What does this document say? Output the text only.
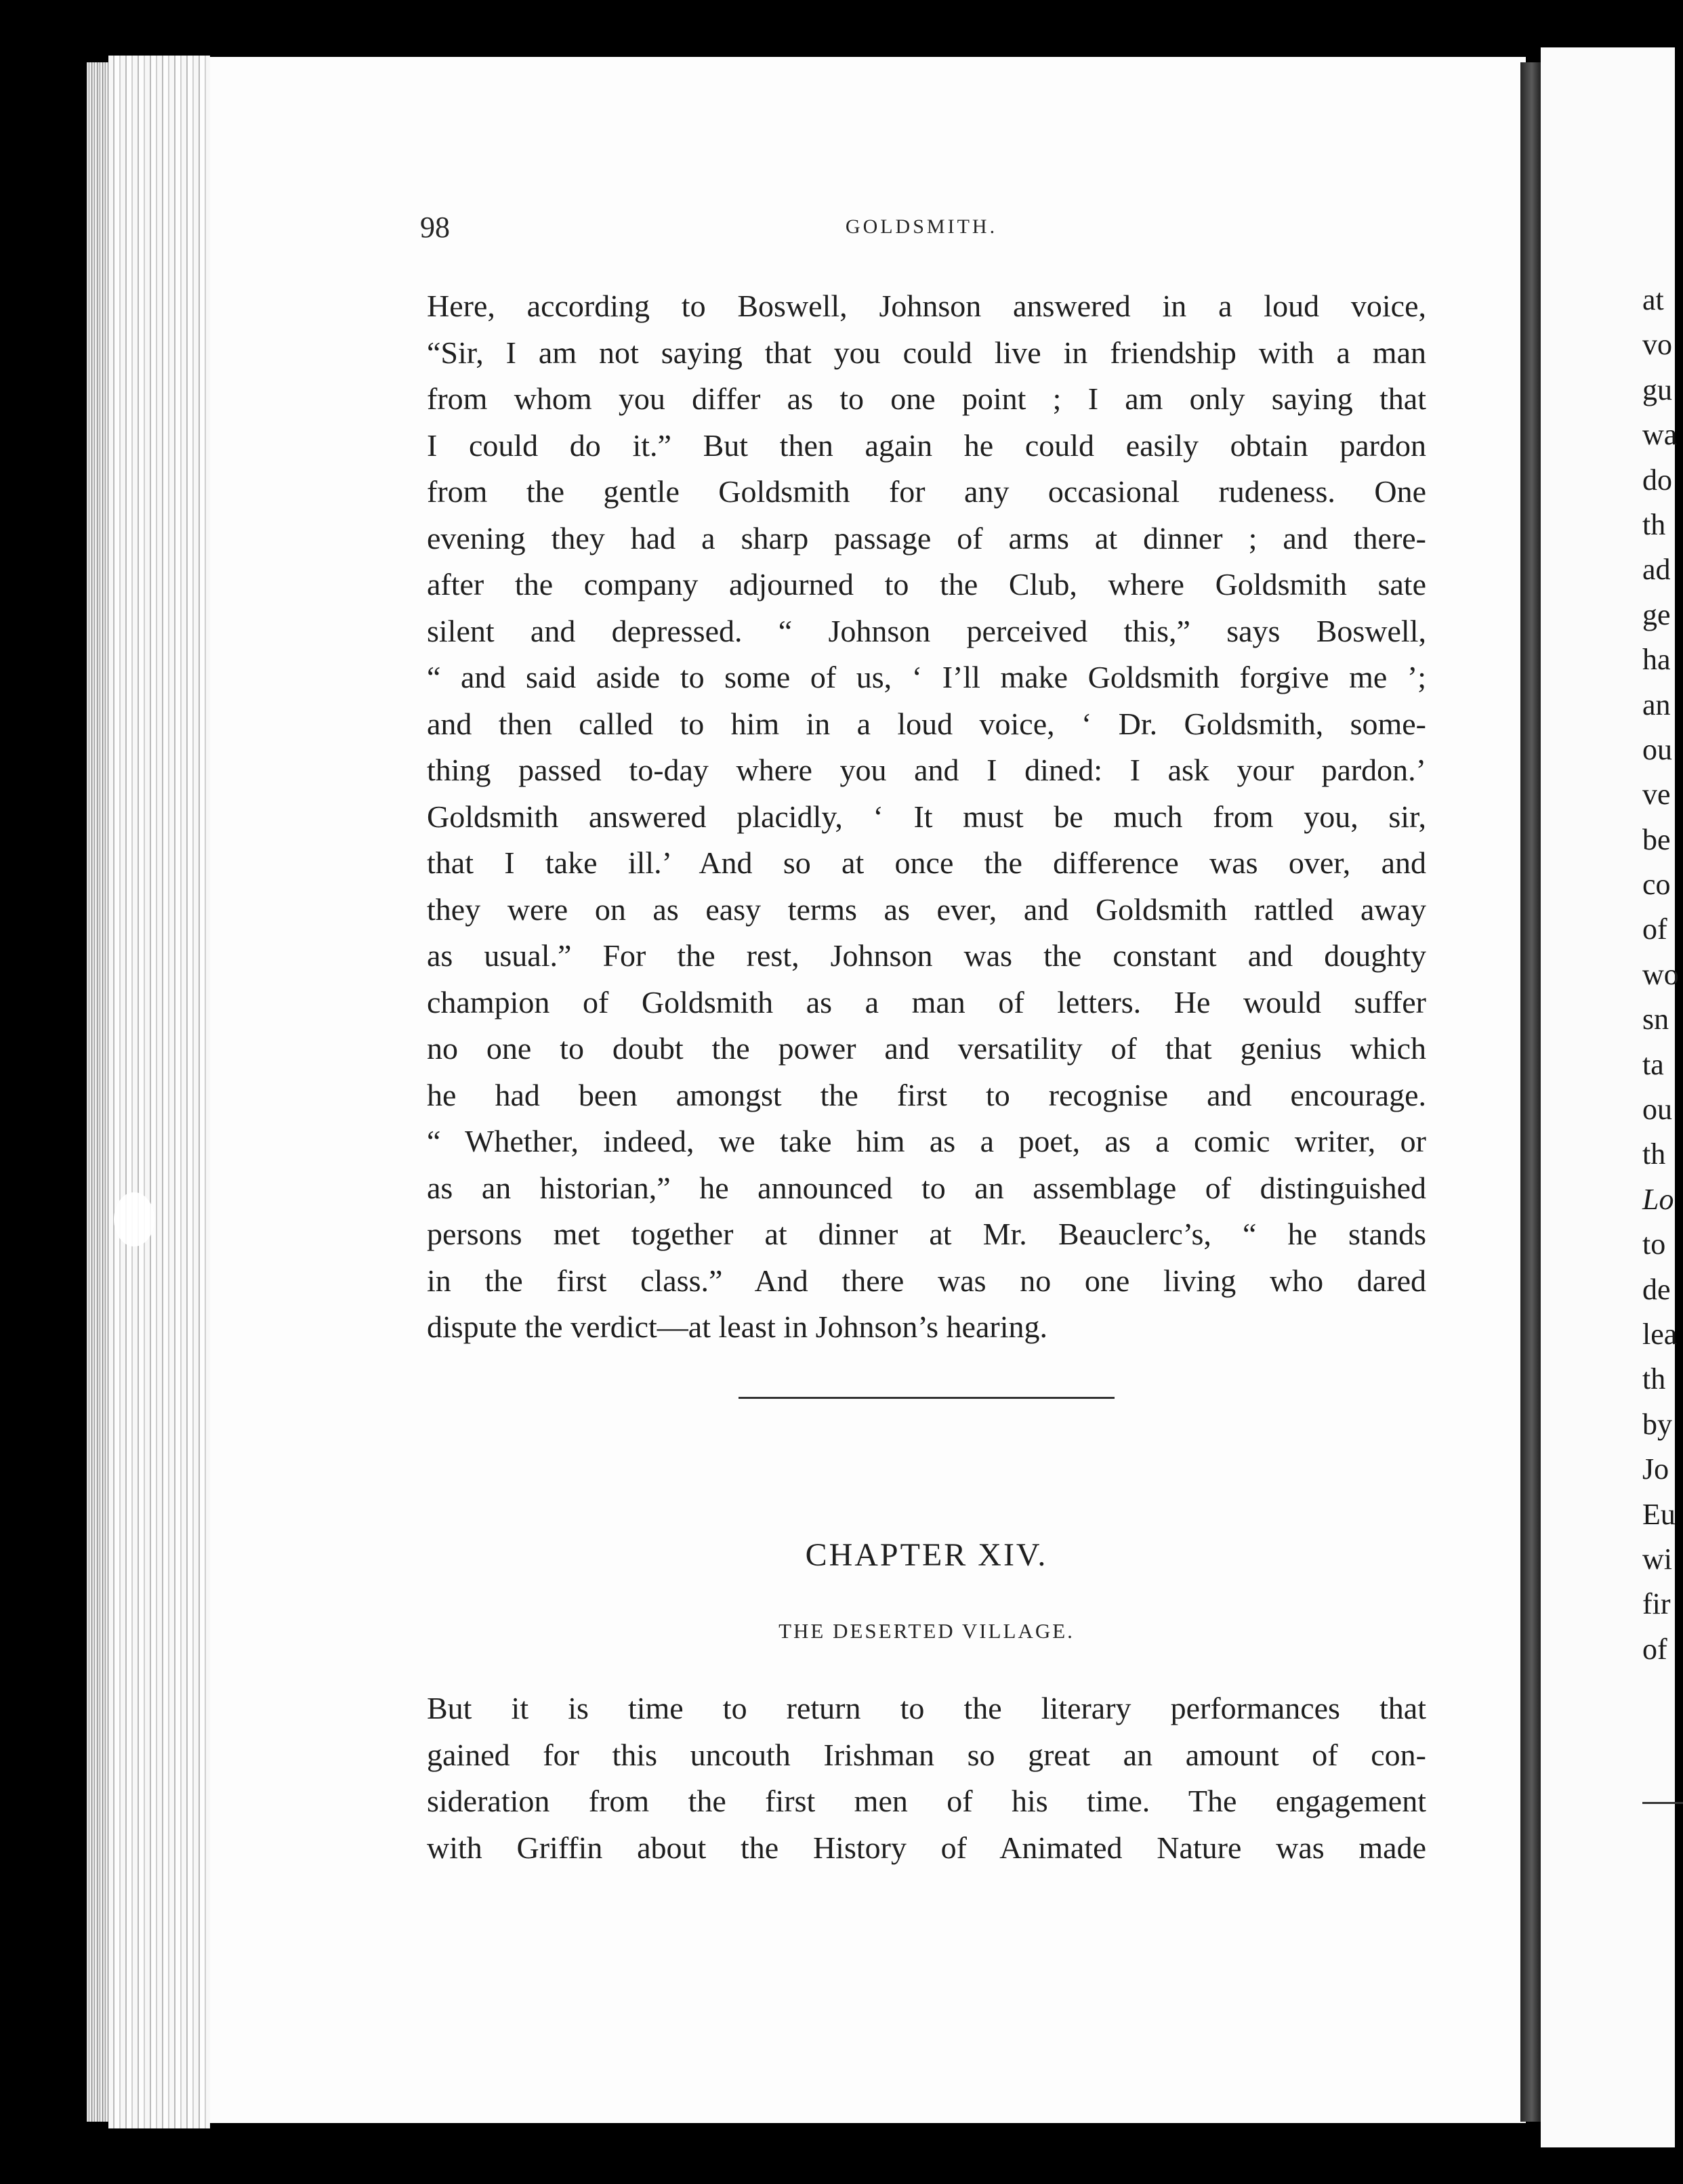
98	GOLDSMITH.
Here, according to Boswell, Johnson answered in a loud voice,
“Sir, I am not saying that you could live in friendship with a man
from whom you differ as to one point ; I am only saying that
I could do it.” But then again he could easily obtain pardon
from the gentle Goldsmith for any occasional rudeness. One
evening they had a sharp passage of arms at dinner ; and there-
after the company adjourned to the Club, where Goldsmith sate
silent and depressed. “ Johnson perceived this,” says Boswell,
“ and said aside to some of us, ‘ I’ll make Goldsmith forgive me ’;
and then called to him in a loud voice, ‘ Dr. Goldsmith, some-
thing passed to-day where you and I dined: I ask your pardon.’
Goldsmith answered placidly, ‘ It must be much from you, sir,
that I take ill.’ And so at once the difference was over, and
they were on as easy terms as ever, and Goldsmith rattled away
as usual.” For the rest, Johnson was the constant and doughty
champion of Goldsmith as a man of letters. He would suffer
no one to doubt the power and versatility of that genius which
he had been amongst the first to recognise and encourage.
“ Whether, indeed, we take him as a poet, as a comic writer, or
as an historian,” he announced to an assemblage of distinguished
persons met together at dinner at Mr. Beauclerc’s, “ he stands
in the first class.” And there was no one living who dared
dispute the verdict—at least in Johnson’s hearing.
CHAPTER XIV.
THE DESERTED VILLAGE.
But it is time to return to the literary performances that
gained for this uncouth Irishman so great an amount of con-
sideration from the first men of his time. The engagement
with Griffin about the History of Animated Nature was made
at
vo
gu
wa
do
th
ad
ge
ha
an
ou
ve
be
co
of
wo
sn
ta
ou
th
Lo
to
de
lea
th
by
Jo
Eu
wi
fir
of
